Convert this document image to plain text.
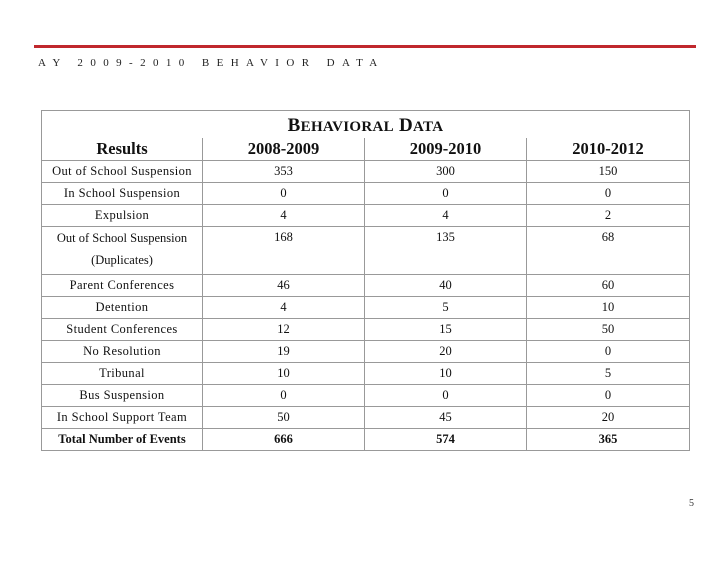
AY 2009-2010 BEHAVIOR DATA
BEHAVIORAL DATA			
Results	2008-2009	2009-2010	2010-2012
Out of School Suspension	353	300	150
In School Suspension	0	0	0
Expulsion	4	4	2

Out of School Suspension
(Duplicates)	168	135	68
Parent Conferences	46	40	60
Detention	4	5	10
Student Conferences	12	15	50
No Resolution	19	20	0
Tribunal	10	10	5
Bus Suspension	0	0	0
In School Support Team	50	45	20
Total Number of Events	666	574	365
5
